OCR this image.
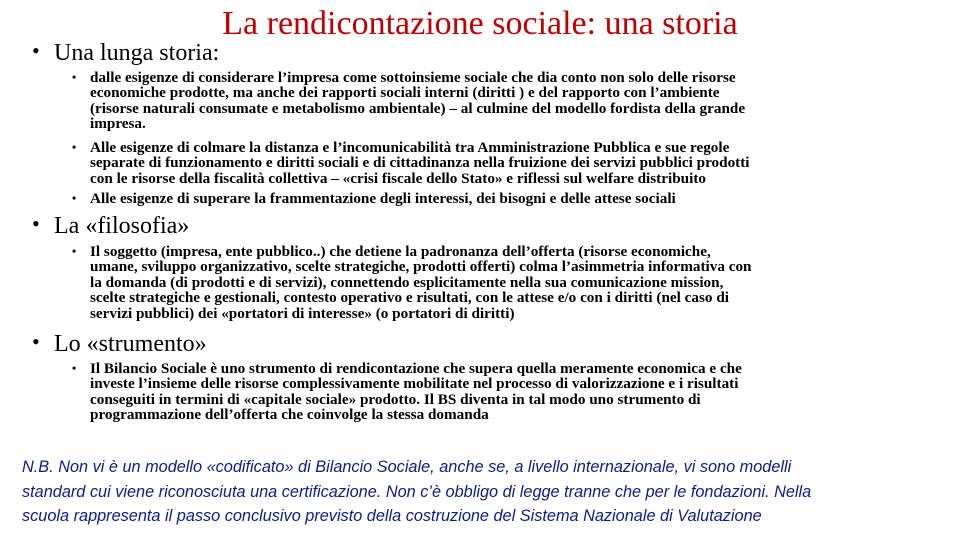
La rendicontazione sociale: una storia
• Una lunga storia:
• dalle esigenze di considerare l’impresa come sottoinsieme sociale che dia conto non solo delle risorse
economiche prodotte, ma anche dei rapporti sociali interni (diritti ) e del rapporto con l’ambiente
(risorse naturali consumate e metabolismo ambientale) – al culmine del modello fordista della grande
impresa.
• Alle esigenze di colmare la distanza e l’incomunicabilità tra Amministrazione Pubblica e sue regole
separate di funzionamento e diritti sociali e di cittadinanza nella fruizione dei servizi pubblici prodotti
con le risorse della fiscalità collettiva – «crisi fiscale dello Stato» e riflessi sul welfare distribuito
• Alle esigenze di superare la frammentazione degli interessi, dei bisogni e delle attese sociali
• La «filosofia»
• Il soggetto (impresa, ente pubblico..) che detiene la padronanza dell’offerta (risorse economiche,
umane, sviluppo organizzativo, scelte strategiche, prodotti offerti) colma l’asimmetria informativa con
la domanda (di prodotti e di servizi), connettendo esplicitamente nella sua comunicazione mission,
scelte strategiche e gestionali, contesto operativo e risultati, con le attese e/o con i diritti (nel caso di
servizi pubblici) dei «portatori di interesse» (o portatori di diritti)
• Lo «strumento»
• Il Bilancio Sociale è uno strumento di rendicontazione che supera quella meramente economica e che
investe l’insieme delle risorse complessivamente mobilitate nel processo di valorizzazione e i risultati
conseguiti in termini di «capitale sociale» prodotto. Il BS diventa in tal modo uno strumento di
programmazione dell’offerta che coinvolge la stessa domanda
N.B. Non vi è un modello «codificato» di Bilancio Sociale, anche se, a livello internazionale, vi sono modelli
standard cui viene riconosciuta una certificazione. Non c’è obbligo di legge tranne che per le fondazioni. Nella
scuola rappresenta il passo conclusivo previsto della costruzione del Sistema Nazionale di Valutazione
